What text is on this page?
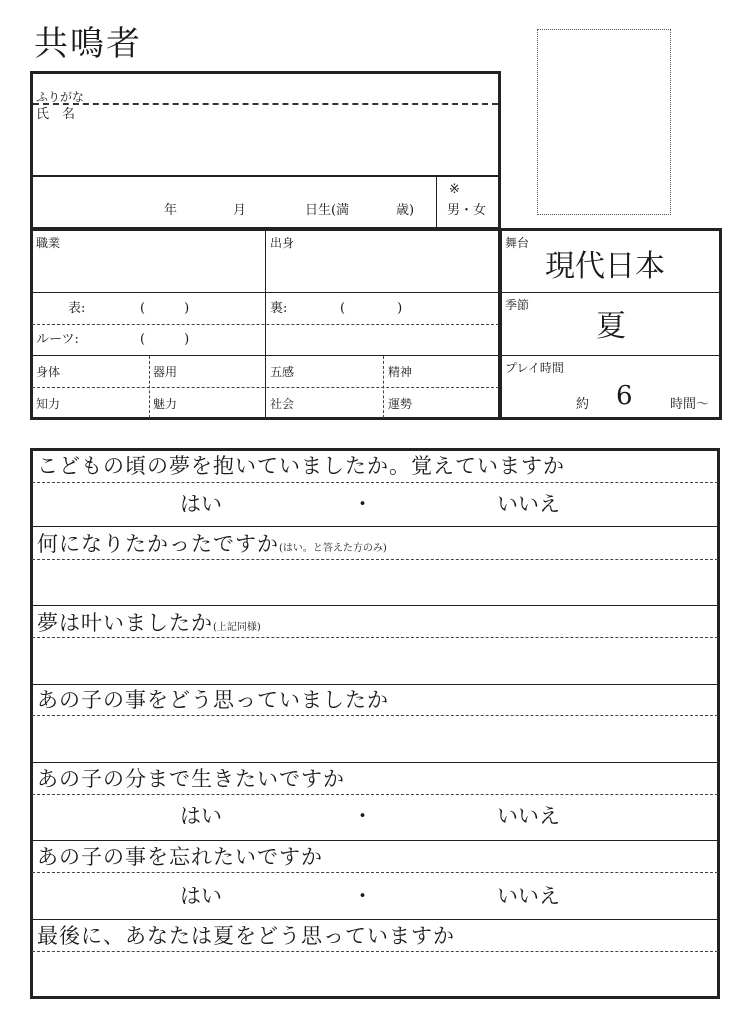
共鳴者
ふりがな
氏　名
年	月	日生(満	歳)
※
男・女
職業	出身
表:	(　　　)	裏:	(　　　　)
ルーツ:	(　　　)
身体	器用	五感	精神
知力	魅力	社会	運勢
舞台
現代日本
季節
夏
プレイ時間
約 6	時間～
こどもの頃の夢を抱いていましたか。覚えていますか
はい	・	いいえ
何になりたかったですか(はい。と答えた方のみ)
夢は叶いましたか(上記同様)
あの子の事をどう思っていましたか
あの子の分まで生きたいですか
はい	・	いいえ
あの子の事を忘れたいですか
はい	・	いいえ
最後に、あなたは夏をどう思っていますか
